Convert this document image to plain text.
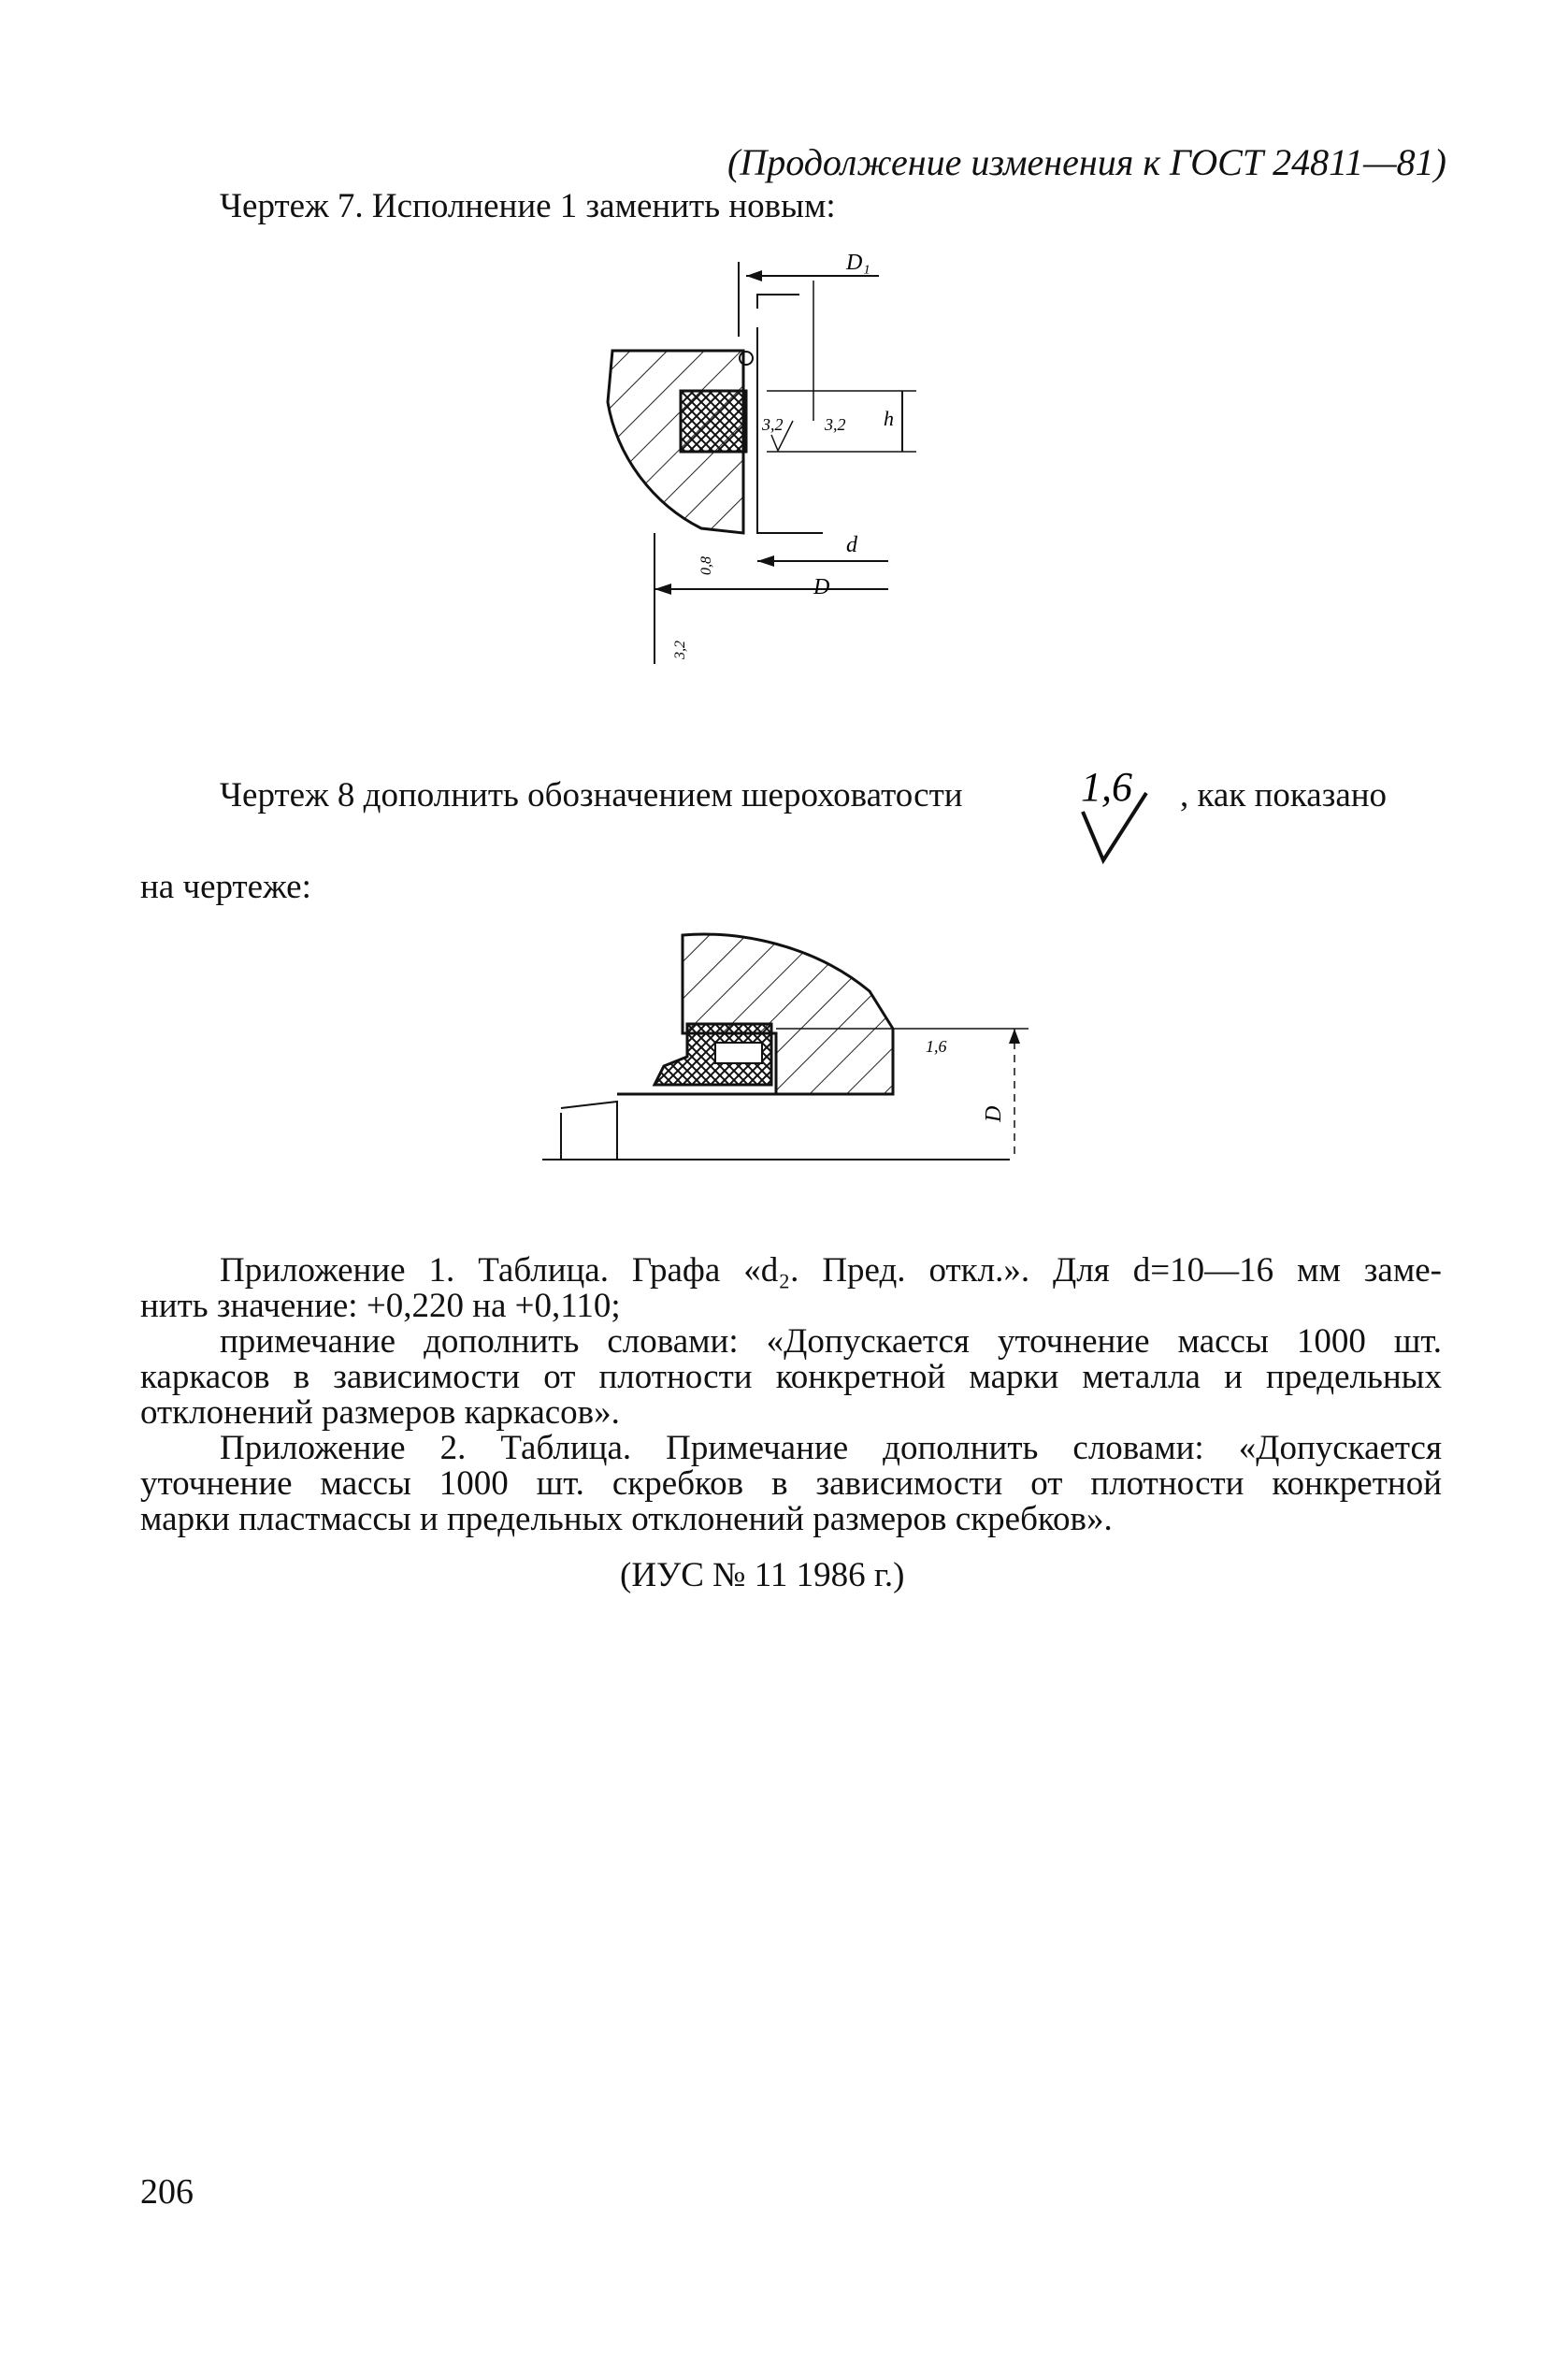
(Продолжение изменения к ГОСТ 24811—81)
Чертеж 7. Исполнение 1 заменить новым:
D₁
h
3,2 3,2
d
D
0,8
3,2
Чертеж 8 дополнить обозначением шероховатости	1,6 , как показано
на чертеже:
1,6
D
Приложение 1. Таблица. Графа «d₂. Пред. откл.». Для d=10—16 мм заме-
нить значение: +0,220 на +0,110;
примечание дополнить словами: «Допускается уточнение массы 1000 шт.
каркасов в зависимости от плотности конкретной марки металла и предельных
отклонений размеров каркасов».
Приложение 2. Таблица. Примечание дополнить словами: «Допускается
уточнение массы 1000 шт. скребков в зависимости от плотности конкретной
марки пластмассы и предельных отклонений размеров скребков».
(ИУС № 11 1986 г.)
206
